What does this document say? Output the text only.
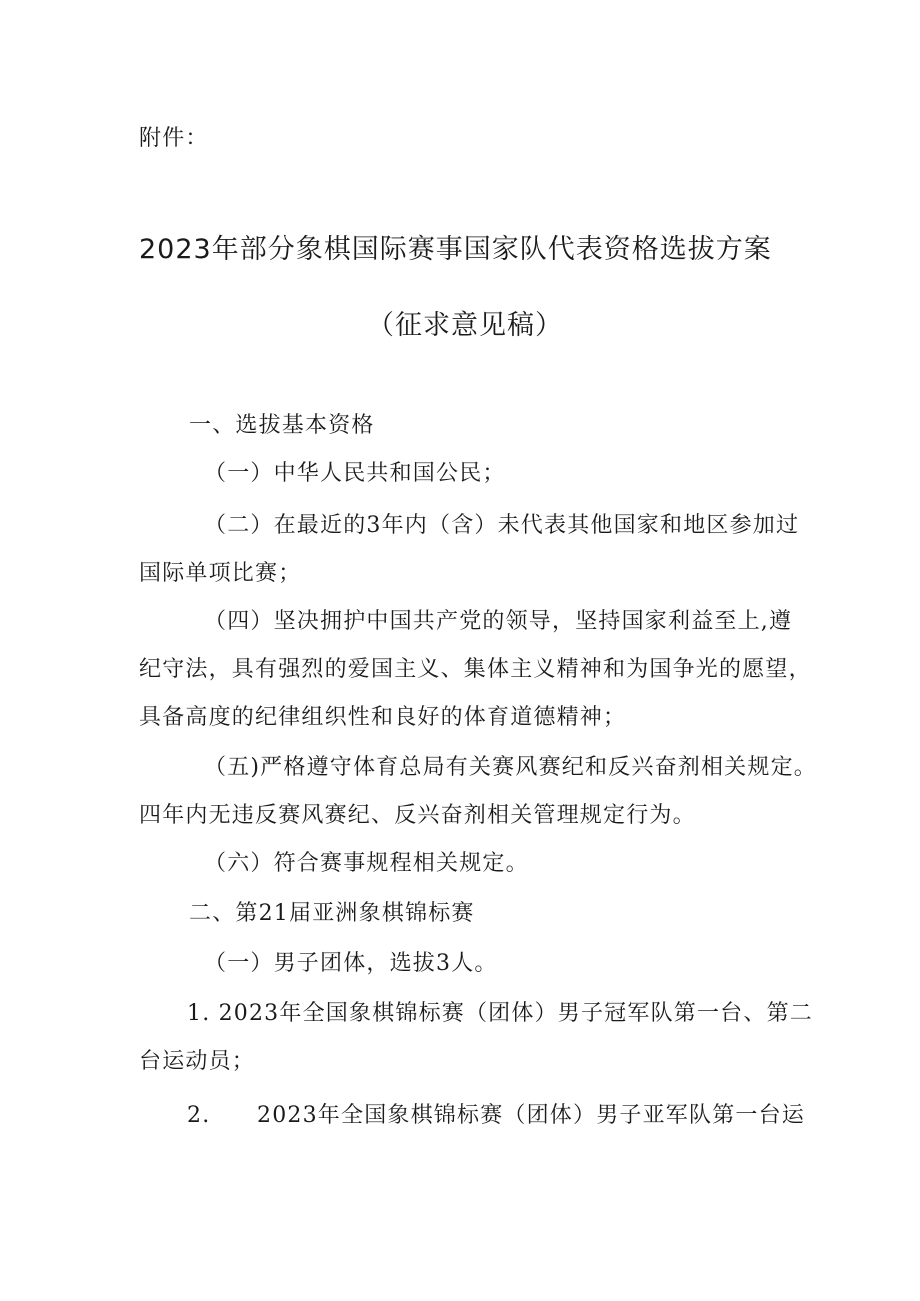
附件：
2023年部分象棋国际赛事国家队代表资格选拔方案
（征求意见稿）
一、选拔基本资格
（一）中华人民共和国公民；
（二）在最近的3年内（含）未代表其他国家和地区参加过
国际单项比赛；
（四）坚决拥护中国共产党的领导，坚持国家利益至上,遵
纪守法，具有强烈的爱国主义、集体主义精神和为国争光的愿望，
具备高度的纪律组织性和良好的体育道德精神；
（五)严格遵守体育总局有关赛风赛纪和反兴奋剂相关规定。
四年内无违反赛风赛纪、反兴奋剂相关管理规定行为。
（六）符合赛事规程相关规定。
二、第21届亚洲象棋锦标赛
（一）男子团体，选拔3人。
1. 2023年全国象棋锦标赛（团体）男子冠军队第一台、第二
台运动员；
2. 2023年全国象棋锦标赛（团体）男子亚军队第一台运
